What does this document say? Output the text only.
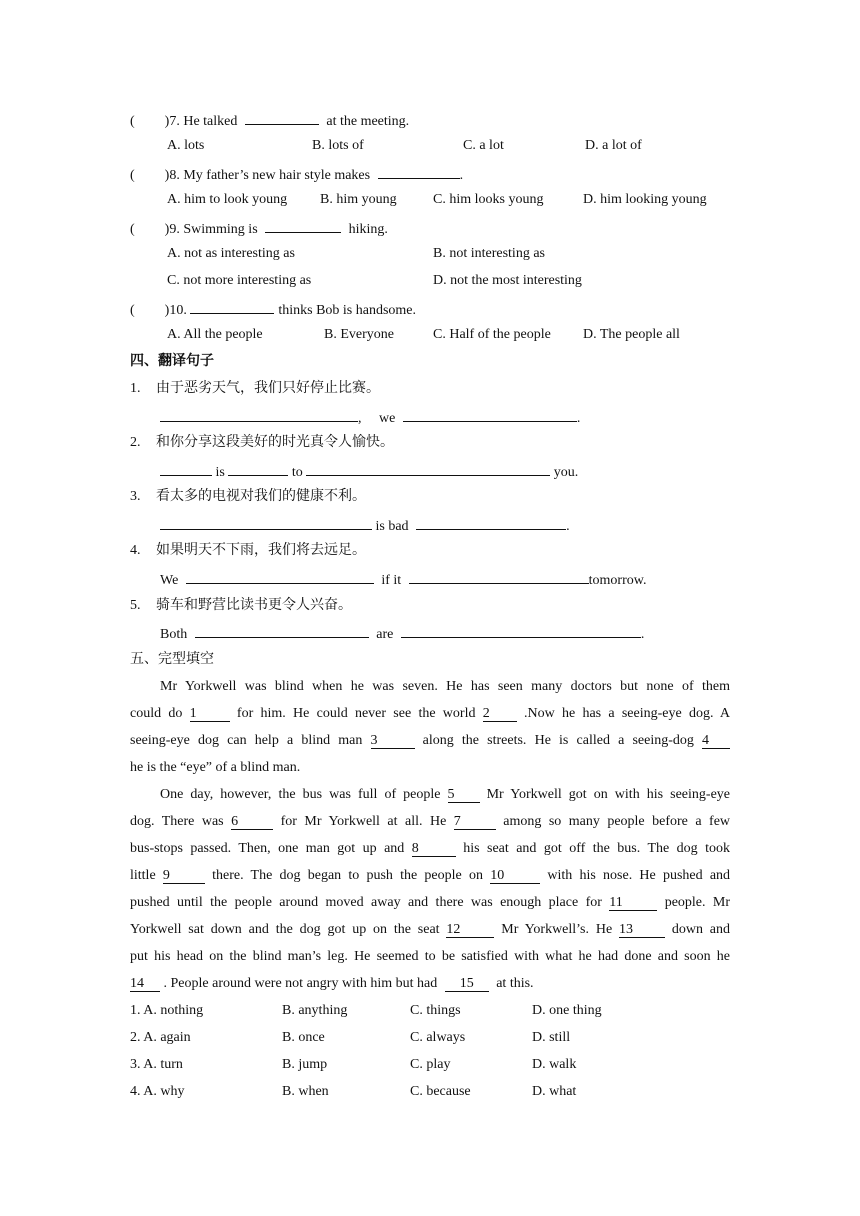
( )7. He talked	at the meeting.
A. lots	B. lots of	C. a lot	D. a lot of
( )8. My father’s new hair style makes	.
A. him to look young B. him young	C. him looks young	D. him looking young
( )9. Swimming is	hiking.
A. not as interesting as	B. not interesting as
C. not more interesting as	D. not the most interesting
( )10.	thinks Bob is handsome.
A. All the people	B. Everyone	C. Half of the people D. The people all
四、翻译句子
1. 由于恶劣天气，我们只好停止比赛。
, we	.
2. 和你分享这段美好的时光真令人愉快。
is	to	you.
3. 看太多的电视对我们的健康不利。
is bad	.
4. 如果明天不下雨，我们将去远足。
We	if it	tomorrow.
5. 骑车和野营比读书更令人兴奋。
Both	are	.
五、完型填空
Mr Yorkwell was blind when he was seven. He has seen many doctors but none of them
could do 1	for him. He could never see the world 2 .Now he has a seeing-eye dog. A
seeing-eye dog can help a blind man 3	along the streets. He is called a seeing-dog 4
he is the “eye” of a blind man.
One day, however, the bus was full of people 5 Mr Yorkwell got on with his seeing-eye
dog. There was 6	for Mr Yorkwell at all. He 7	among so many people before a few
bus-stops passed. Then, one man got up and 8	his seat and got off the bus. The dog took
little 9	there. The dog began to push the people on 10	with his nose. He pushed and
pushed until the people around moved away and there was enough place for 11	people. Mr
Yorkwell sat down and the dog got up on the seat 12	Mr Yorkwell’s. He 13	down and
put his head on the blind man’s leg. He seemed to be satisfied with what he had done and soon he
14 . People around were not angry with him but had 15 at this.
1. A. nothing	B. anything	C. things	D. one thing
2. A. again	B. once	C. always	D. still
3. A. turn	B. jump	C. play	D. walk
4. A. why	B. when	C. because	D. what
